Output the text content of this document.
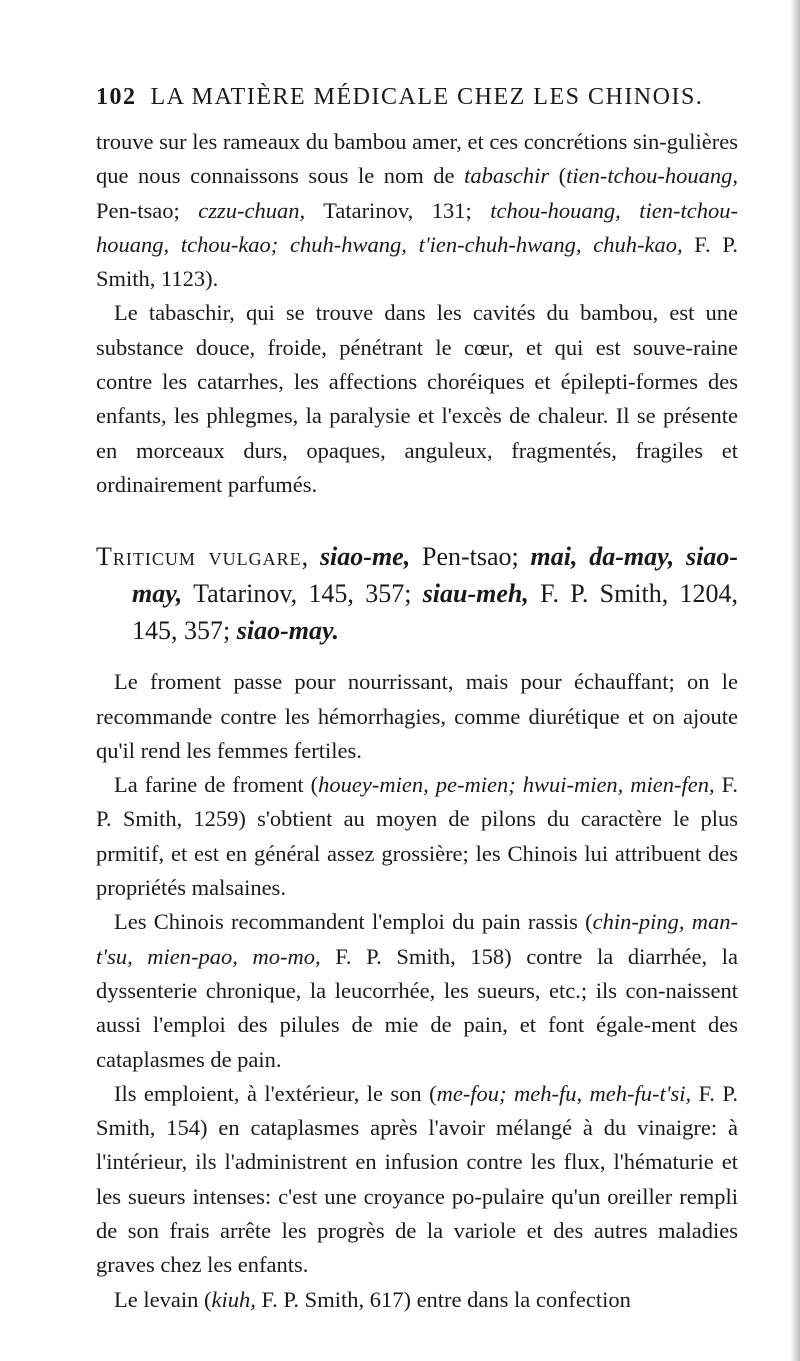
102 LA MATIÈRE MÉDICALE CHEZ LES CHINOIS.

trouve sur les rameaux du bambou amer, et ces concrétions sin-gulières que nous connaissons sous le nom de tabaschir (tien-tchou-houang, Pen-tsao; czzu-chuan, Tatarinov, 131; tchou-houang, tien-tchou-houang, tchou-kao; chuh-hwang, t'ien-chuh-hwang, chuh-kao, F. P. Smith, 1123).

Le tabaschir, qui se trouve dans les cavités du bambou, est une substance douce, froide, pénétrant le cœur, et qui est souve-raine contre les catarrhes, les affections choréiques et épilepti-formes des enfants, les phlegmes, la paralysie et l'excès de chaleur. Il se présente en morceaux durs, opaques, anguleux, fragmentés, fragiles et ordinairement parfumés.

Triticum vulgare, siao-me, Pen-tsao; mai, da-may, siao-may, Tatarinov, 145, 357; siau-meh, F. P. Smith, 1204, 145, 357; siao-may.

Le froment passe pour nourrissant, mais pour échauffant; on le recommande contre les hémorrhagies, comme diurétique et on ajoute qu'il rend les femmes fertiles.

La farine de froment (houey-mien, pe-mien; hwui-mien, mien-fen, F. P. Smith, 1259) s'obtient au moyen de pilons du caractère le plus prmitif, et est en général assez grossière; les Chinois lui attribuent des propriétés malsaines.

Les Chinois recommandent l'emploi du pain rassis (chin-ping, man-t'su, mien-pao, mo-mo, F. P. Smith, 158) contre la diarrhée, la dyssenterie chronique, la leucorrhée, les sueurs, etc.; ils con-naissent aussi l'emploi des pilules de mie de pain, et font égale-ment des cataplasmes de pain.

Ils emploient, à l'extérieur, le son (me-fou; meh-fu, meh-fu-t'si, F. P. Smith, 154) en cataplasmes après l'avoir mélangé à du vinaigre: à l'intérieur, ils l'administrent en infusion contre les flux, l'hématurie et les sueurs intenses: c'est une croyance po-pulaire qu'un oreiller rempli de son frais arrête les progrès de la variole et des autres maladies graves chez les enfants.

Le levain (kiuh, F. P. Smith, 617) entre dans la confection
